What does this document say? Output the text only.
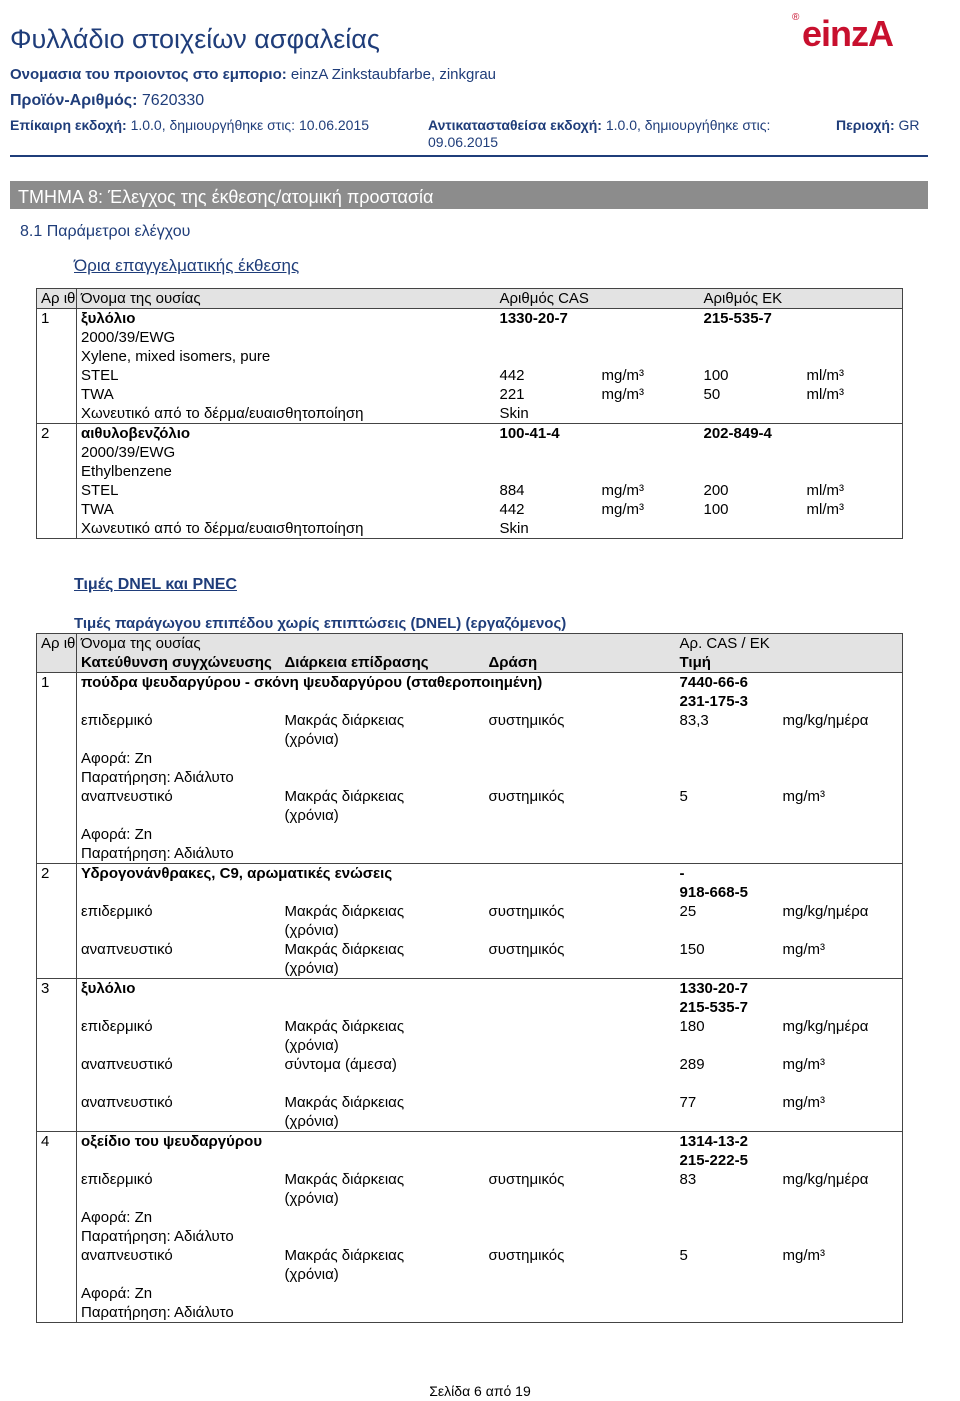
Φυλλάδιο στοιχείων ασφαλείας
Ονομασια του προιοντος στο εμποριο: einzA Zinkstaubfarbe, zinkgrau
Προϊόν-Αριθμός: 7620330
Επίκαιρη εκδοχή: 1.0.0, δημιουργήθηκε στις: 10.06.2015	Αντικατασταθείσα εκδοχή: 1.0.0, δημιουργήθηκε στις:
09.06.2015
Περιοχή: GR
einzA
®
ΤΜΗΜΑ 8: Έλεγχος της έκθεσης/ατομική προστασία
8.1 Παράμετροι ελέγχου
Όρια επαγγελματικής έκθεσης
Αρ ιθ	Όνομα της ουσίας	Αριθμός CAS		Αριθμός ΕΚ	
1	ξυλόλιο	1330-20-7		215-535-7	
	2000/39/EWG				
	Xylene, mixed isomers, pure				
	STEL	442	mg/m³	100	ml/m³
	TWA	221	mg/m³	50	ml/m³
	Χωνευτικό από το δέρμα/ευαισθητοποίηση	Skin			
2	αιθυλοβενζόλιο	100-41-4		202-849-4	
	2000/39/EWG				
	Ethylbenzene				
	STEL	884	mg/m³	200	ml/m³
	TWA	442	mg/m³	100	ml/m³
	Χωνευτικό από το δέρμα/ευαισθητοποίηση	Skin			
Τιμές DNEL και PNEC
Τιμές παράγωγου επιπέδου χωρίς επιπτώσεις (DNEL) (εργαζόμενος)
Αρ ιθ	Όνομα της ουσίας			Αρ. CAS / ΕΚ	
	Κατεύθυνση συγχώνευσης	Διάρκεια επίδρασης	Δράση	Τιμή	
1	πούδρα ψευδαργύρου - σκόνη ψευδαργύρου (σταθεροποιημένη)			7440-66-6	
				231-175-3	
	επιδερμικό	Μακράς διάρκειας (χρόνια)	συστημικός	83,3	mg/kg/ημέρα
	Αφορά: Zn				
	Παρατήρηση: Αδιάλυτο				
	αναπνευστικό	Μακράς διάρκειας (χρόνια)	συστημικός	5	mg/m³
	Αφορά: Zn				
	Παρατήρηση: Αδιάλυτο				
2	Υδρογονάνθρακες, C9, αρωματικές ενώσεις			-	
				918-668-5	
	επιδερμικό	Μακράς διάρκειας (χρόνια)	συστημικός	25	mg/kg/ημέρα
	αναπνευστικό	Μακράς διάρκειας (χρόνια)	συστημικός	150	mg/m³
3	ξυλόλιο			1330-20-7	
				215-535-7	
	επιδερμικό	Μακράς διάρκειας (χρόνια)		180	mg/kg/ημέρα
	αναπνευστικό	σύντομα (άμεσα)		289	mg/m³
	αναπνευστικό	Μακράς διάρκειας (χρόνια)		77	mg/m³
4	οξείδιο του ψευδαργύρου			1314-13-2	
				215-222-5	
	επιδερμικό	Μακράς διάρκειας (χρόνια)	συστημικός	83	mg/kg/ημέρα
	Αφορά: Zn				
	Παρατήρηση: Αδιάλυτο				
	αναπνευστικό	Μακράς διάρκειας (χρόνια)	συστημικός	5	mg/m³
	Αφορά: Zn				
	Παρατήρηση: Αδιάλυτο				
Σελίδα 6 από 19
